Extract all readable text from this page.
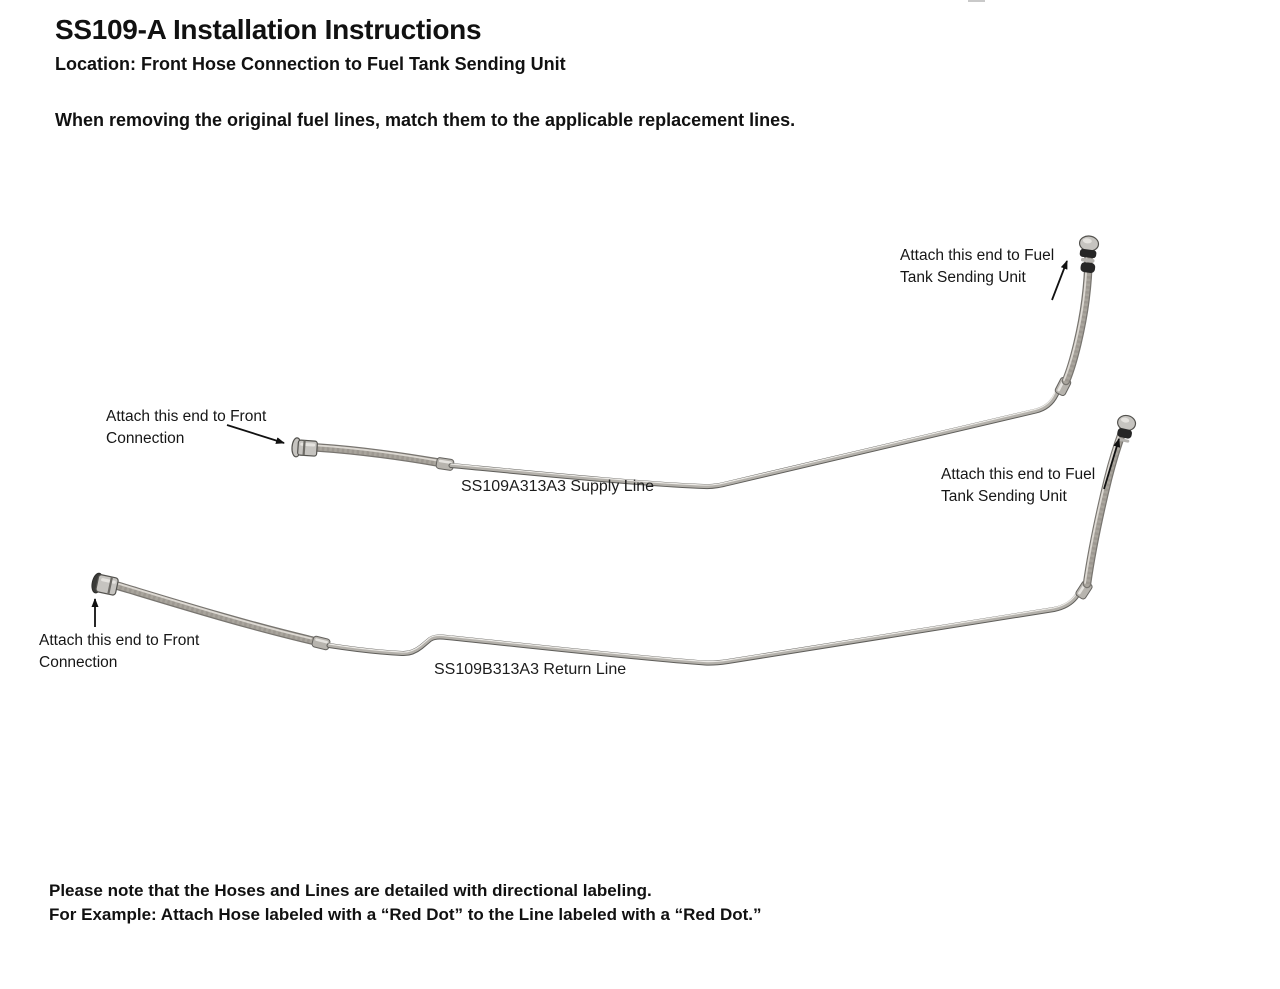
SS109-A Installation Instructions
Location: Front Hose Connection to Fuel Tank Sending Unit

When removing the original fuel lines, match them to the applicable replacement lines.

Attach this end to Fuel Tank Sending Unit
Attach this end to Front Connection
Attach this end to Fuel Tank Sending Unit
Attach this end to Front Connection
SS109A313A3 Supply Line
SS109B313A3 Return Line
Please note that the Hoses and Lines are detailed with directional labeling.
For Example: Attach Hose labeled with a “Red Dot” to the Line labeled with a “Red Dot.”
